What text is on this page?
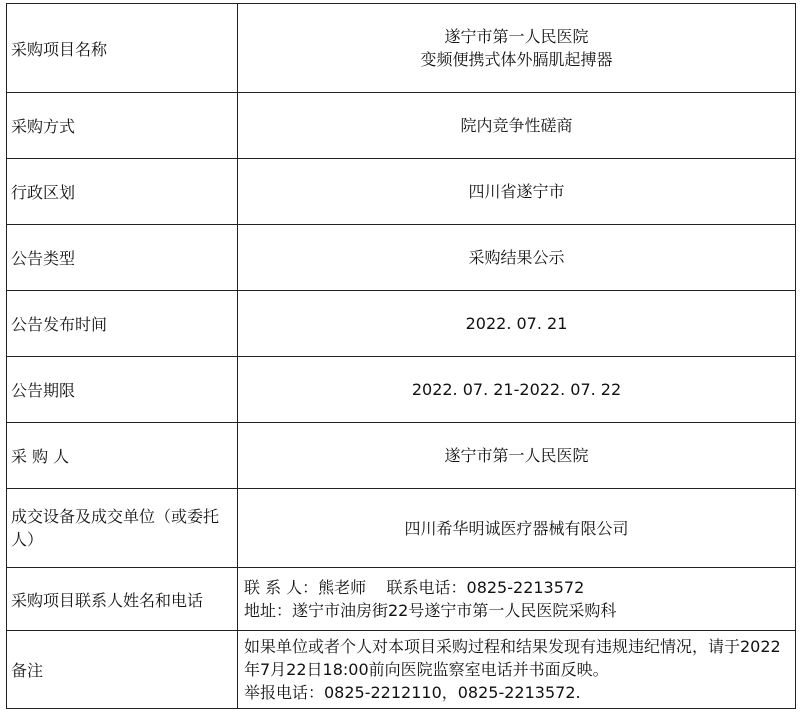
采购项目名称	遂宁市第一人民医院
变频便携式体外膈肌起搏器

采购方式	院内竞争性磋商
行政区划	四川省遂宁市
公告类型	采购结果公示
公告发布时间	2022. 07. 21
公告期限	2022. 07. 21-2022. 07. 22
采 购 人	遂宁市第一人民医院
成交设备及成交单位（或委托人）	四川希华明诚医疗器械有限公司
采购项目联系人姓名和电话	联 系 人：熊老师    联系电话：0825-2213572
地址：遂宁市油房街22号遂宁市第一人民医院采购科

备注	如果单位或者个人对本项目采购过程和结果发现有违规违纪情况，请于2022年7月22日18:00前向医院监察室电话并书面反映。
举报电话：0825-2212110，0825-2213572.
